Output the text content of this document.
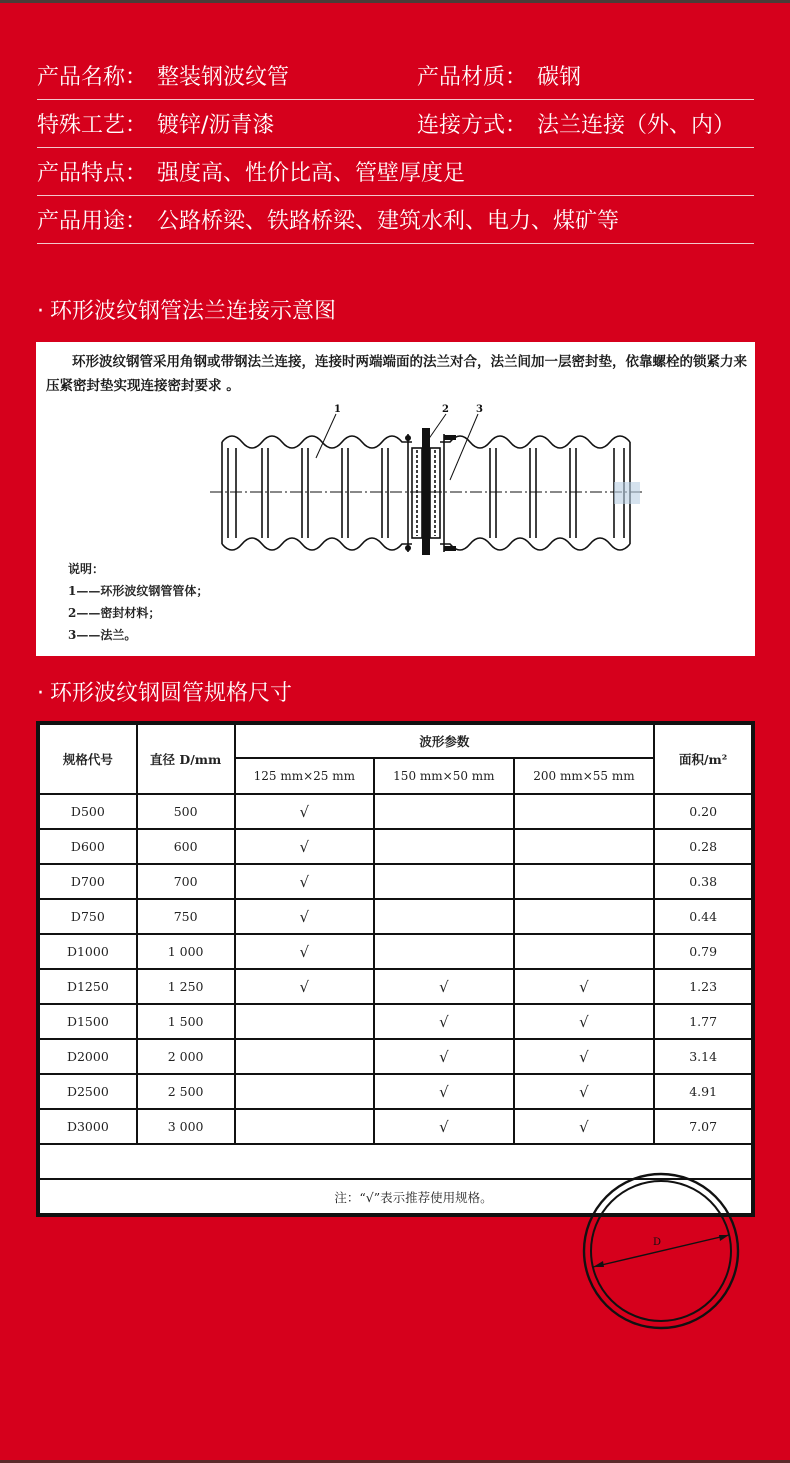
产品名称： 整装钢波纹管	产品材质： 碳钢
特殊工艺： 镀锌/沥青漆	连接方式： 法兰连接（外、内）
产品特点： 强度高、性价比高、管壁厚度足
产品用途： 公路桥梁、铁路桥梁、建筑水利、电力、煤矿等
· 环形波纹钢管法兰连接示意图

环形波纹钢管采用角钢或带钢法兰连接，连接时两端端面的法兰对合，法兰间加一层密封垫，依靠螺栓的锁紧力来压紧密封垫实现连接密封要求 。

1	2	3
说明：
1——环形波纹钢管管体；
2——密封材料；
3——法兰。
· 环形波纹钢圆管规格尺寸
规格代号	直径 D/mm	波形参数			面积/m²
		125 mm×25 mm	150 mm×50 mm	200 mm×55 mm	
D500	500	√			0.20
D600	600	√			0.28
D700	700	√			0.38
D750	750	√			0.44
D1000	1 000	√			0.79
D1250	1 250	√	√	√	1.23
D1500	1 500		√	√	1.77
D2000	2 000		√	√	3.14
D2500	2 500		√	√	4.91
D3000	3 000		√	√	7.07

D					

注：“√”表示推荐使用规格。					
